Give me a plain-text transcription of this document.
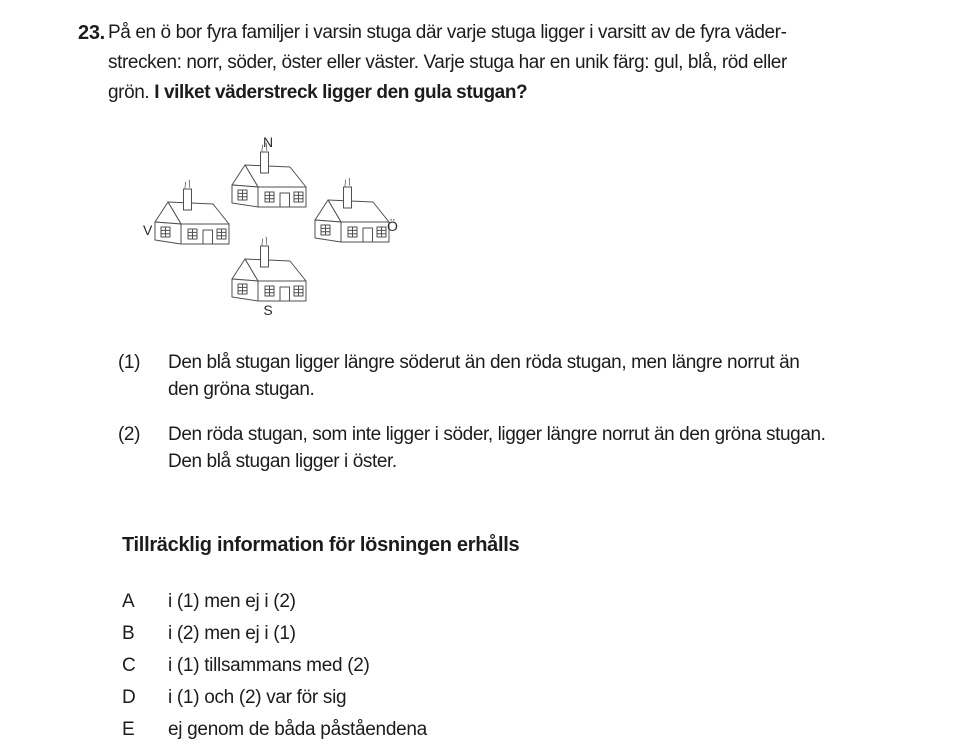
23. På en ö bor fyra familjer i varsin stuga där varje stuga ligger i varsitt av de fyra väder-
strecken: norr, söder, öster eller väster. Varje stuga har en unik färg: gul, blå, röd eller
grön. I vilket väderstreck ligger den gula stugan?
N
V	Ö
S
(1) Den blå stugan ligger längre söderut än den röda stugan, men längre norrut än
den gröna stugan.
(2) Den röda stugan, som inte ligger i söder, ligger längre norrut än den gröna stugan.
Den blå stugan ligger i öster.
Tillräcklig information för lösningen erhålls
A	i (1) men ej i (2)
B	i (2) men ej i (1)
C	i (1) tillsammans med (2)
D	i (1) och (2) var för sig
E	ej genom de båda påståendena
